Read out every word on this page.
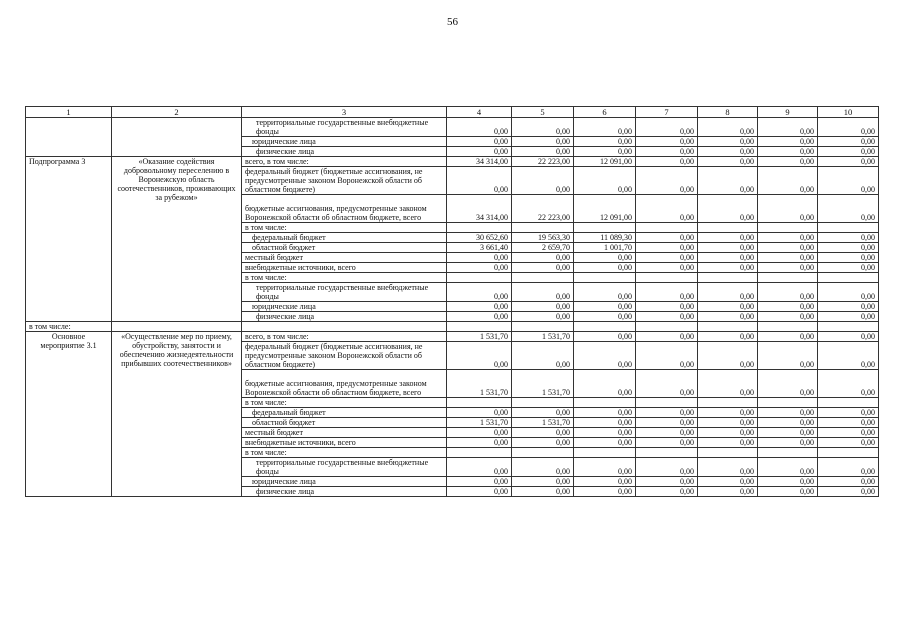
56
1	2	3	4	5	6	7	8	9	10
		территориальные государственные внебюджетные фонды	0,00	0,00	0,00	0,00	0,00	0,00	0,00
		юридические лица	0,00	0,00	0,00	0,00	0,00	0,00	0,00
		физические лица	0,00	0,00	0,00	0,00	0,00	0,00	0,00
Подпрограмма 3	«Оказание содействия добровольному переселению в Воронежскую область соотечественников, проживающих за рубежом»	всего, в том числе:	34 314,00	22 223,00	12 091,00	0,00	0,00	0,00	0,00
		федеральный бюджет (бюджетные ассигнования, не предусмотренные законом Воронежской области об областном бюджете)	0,00	0,00	0,00	0,00	0,00	0,00	0,00
		бюджетные ассигнования, предусмотренные законом Воронежской области об областном бюджете, всего	34 314,00	22 223,00	12 091,00	0,00	0,00	0,00	0,00
		в том числе:							
		федеральный бюджет	30 652,60	19 563,30	11 089,30	0,00	0,00	0,00	0,00
		областной бюджет	3 661,40	2 659,70	1 001,70	0,00	0,00	0,00	0,00
		местный бюджет	0,00	0,00	0,00	0,00	0,00	0,00	0,00
		внебюджетные источники, всего	0,00	0,00	0,00	0,00	0,00	0,00	0,00
		в том числе:							
		территориальные государственные внебюджетные фонды	0,00	0,00	0,00	0,00	0,00	0,00	0,00
		юридические лица	0,00	0,00	0,00	0,00	0,00	0,00	0,00
		физические лица	0,00	0,00	0,00	0,00	0,00	0,00	0,00
в том числе:									
Основное мероприятие 3.1	«Осуществление мер по приему, обустройству, занятости и обеспечению жизнедеятельности прибывших соотечественников»	всего, в том числе:	1 531,70	1 531,70	0,00	0,00	0,00	0,00	0,00
		федеральный бюджет (бюджетные ассигнования, не предусмотренные законом Воронежской области об областном бюджете)	0,00	0,00	0,00	0,00	0,00	0,00	0,00
		бюджетные ассигнования, предусмотренные законом Воронежской области об областном бюджете, всего	1 531,70	1 531,70	0,00	0,00	0,00	0,00	0,00
		в том числе:							
		федеральный бюджет	0,00	0,00	0,00	0,00	0,00	0,00	0,00
		областной бюджет	1 531,70	1 531,70	0,00	0,00	0,00	0,00	0,00
		местный бюджет	0,00	0,00	0,00	0,00	0,00	0,00	0,00
		внебюджетные источники, всего	0,00	0,00	0,00	0,00	0,00	0,00	0,00
		в том числе:							
		территориальные государственные внебюджетные фонды	0,00	0,00	0,00	0,00	0,00	0,00	0,00
		юридические лица	0,00	0,00	0,00	0,00	0,00	0,00	0,00
		физические лица	0,00	0,00	0,00	0,00	0,00	0,00	0,00
